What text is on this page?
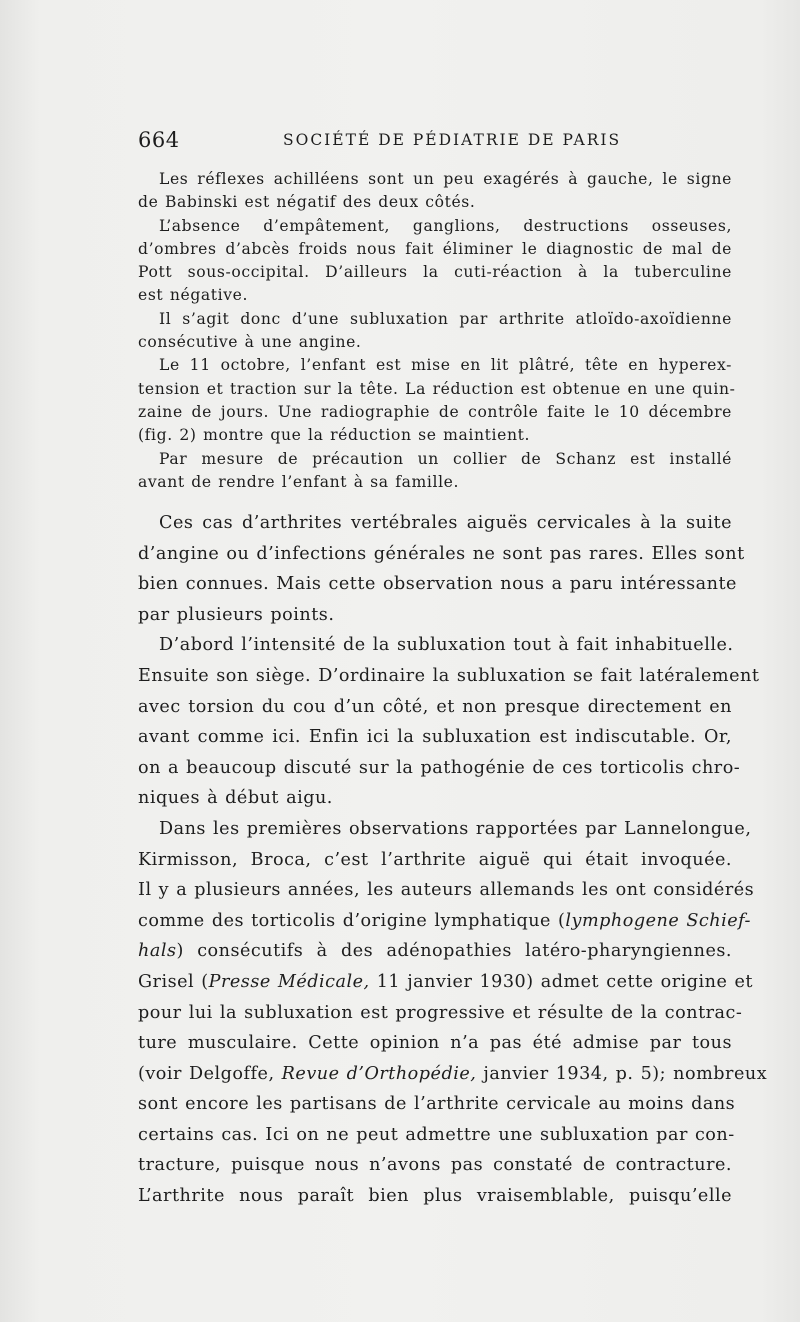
664	SOCIÉTÉ DE PÉDIATRIE DE PARIS
Les réflexes achilléens sont un peu exagérés à gauche, le signe
de Babinski est négatif des deux côtés.
L’absence d’empâtement, ganglions, destructions osseuses,
d’ombres d’abcès froids nous fait éliminer le diagnostic de mal de
Pott sous-occipital. D’ailleurs la cuti-réaction à la tuberculine
est négative.
Il s’agit donc d’une subluxation par arthrite atloïdo-axoïdienne
consécutive à une angine.
Le 11 octobre, l’enfant est mise en lit plâtré, tête en hyperex-
tension et traction sur la tête. La réduction est obtenue en une quin-
zaine de jours. Une radiographie de contrôle faite le 10 décembre
(fig. 2) montre que la réduction se maintient.
Par mesure de précaution un collier de Schanz est installé
avant de rendre l’enfant à sa famille.
Ces cas d’arthrites vertébrales aiguës cervicales à la suite
d’angine ou d’infections générales ne sont pas rares. Elles sont
bien connues. Mais cette observation nous a paru intéressante
par plusieurs points.
D’abord l’intensité de la subluxation tout à fait inhabituelle.
Ensuite son siège. D’ordinaire la subluxation se fait latéralement
avec torsion du cou d’un côté, et non presque directement en
avant comme ici. Enfin ici la subluxation est indiscutable. Or,
on a beaucoup discuté sur la pathogénie de ces torticolis chro-
niques à début aigu.
Dans les premières observations rapportées par Lannelongue,
Kirmisson, Broca, c’est l’arthrite aiguë qui était invoquée.
Il y a plusieurs années, les auteurs allemands les ont considérés
comme des torticolis d’origine lymphatique (lymphogene Schief-
hals) consécutifs à des adénopathies latéro-pharyngiennes.
Grisel (Presse Médicale, 11 janvier 1930) admet cette origine et
pour lui la subluxation est progressive et résulte de la contrac-
ture musculaire. Cette opinion n’a pas été admise par tous
(voir Delgoffe, Revue d’Orthopédie, janvier 1934, p. 5); nombreux
sont encore les partisans de l’arthrite cervicale au moins dans
certains cas. Ici on ne peut admettre une subluxation par con-
tracture, puisque nous n’avons pas constaté de contracture.
L’arthrite nous paraît bien plus vraisemblable, puisqu’elle
